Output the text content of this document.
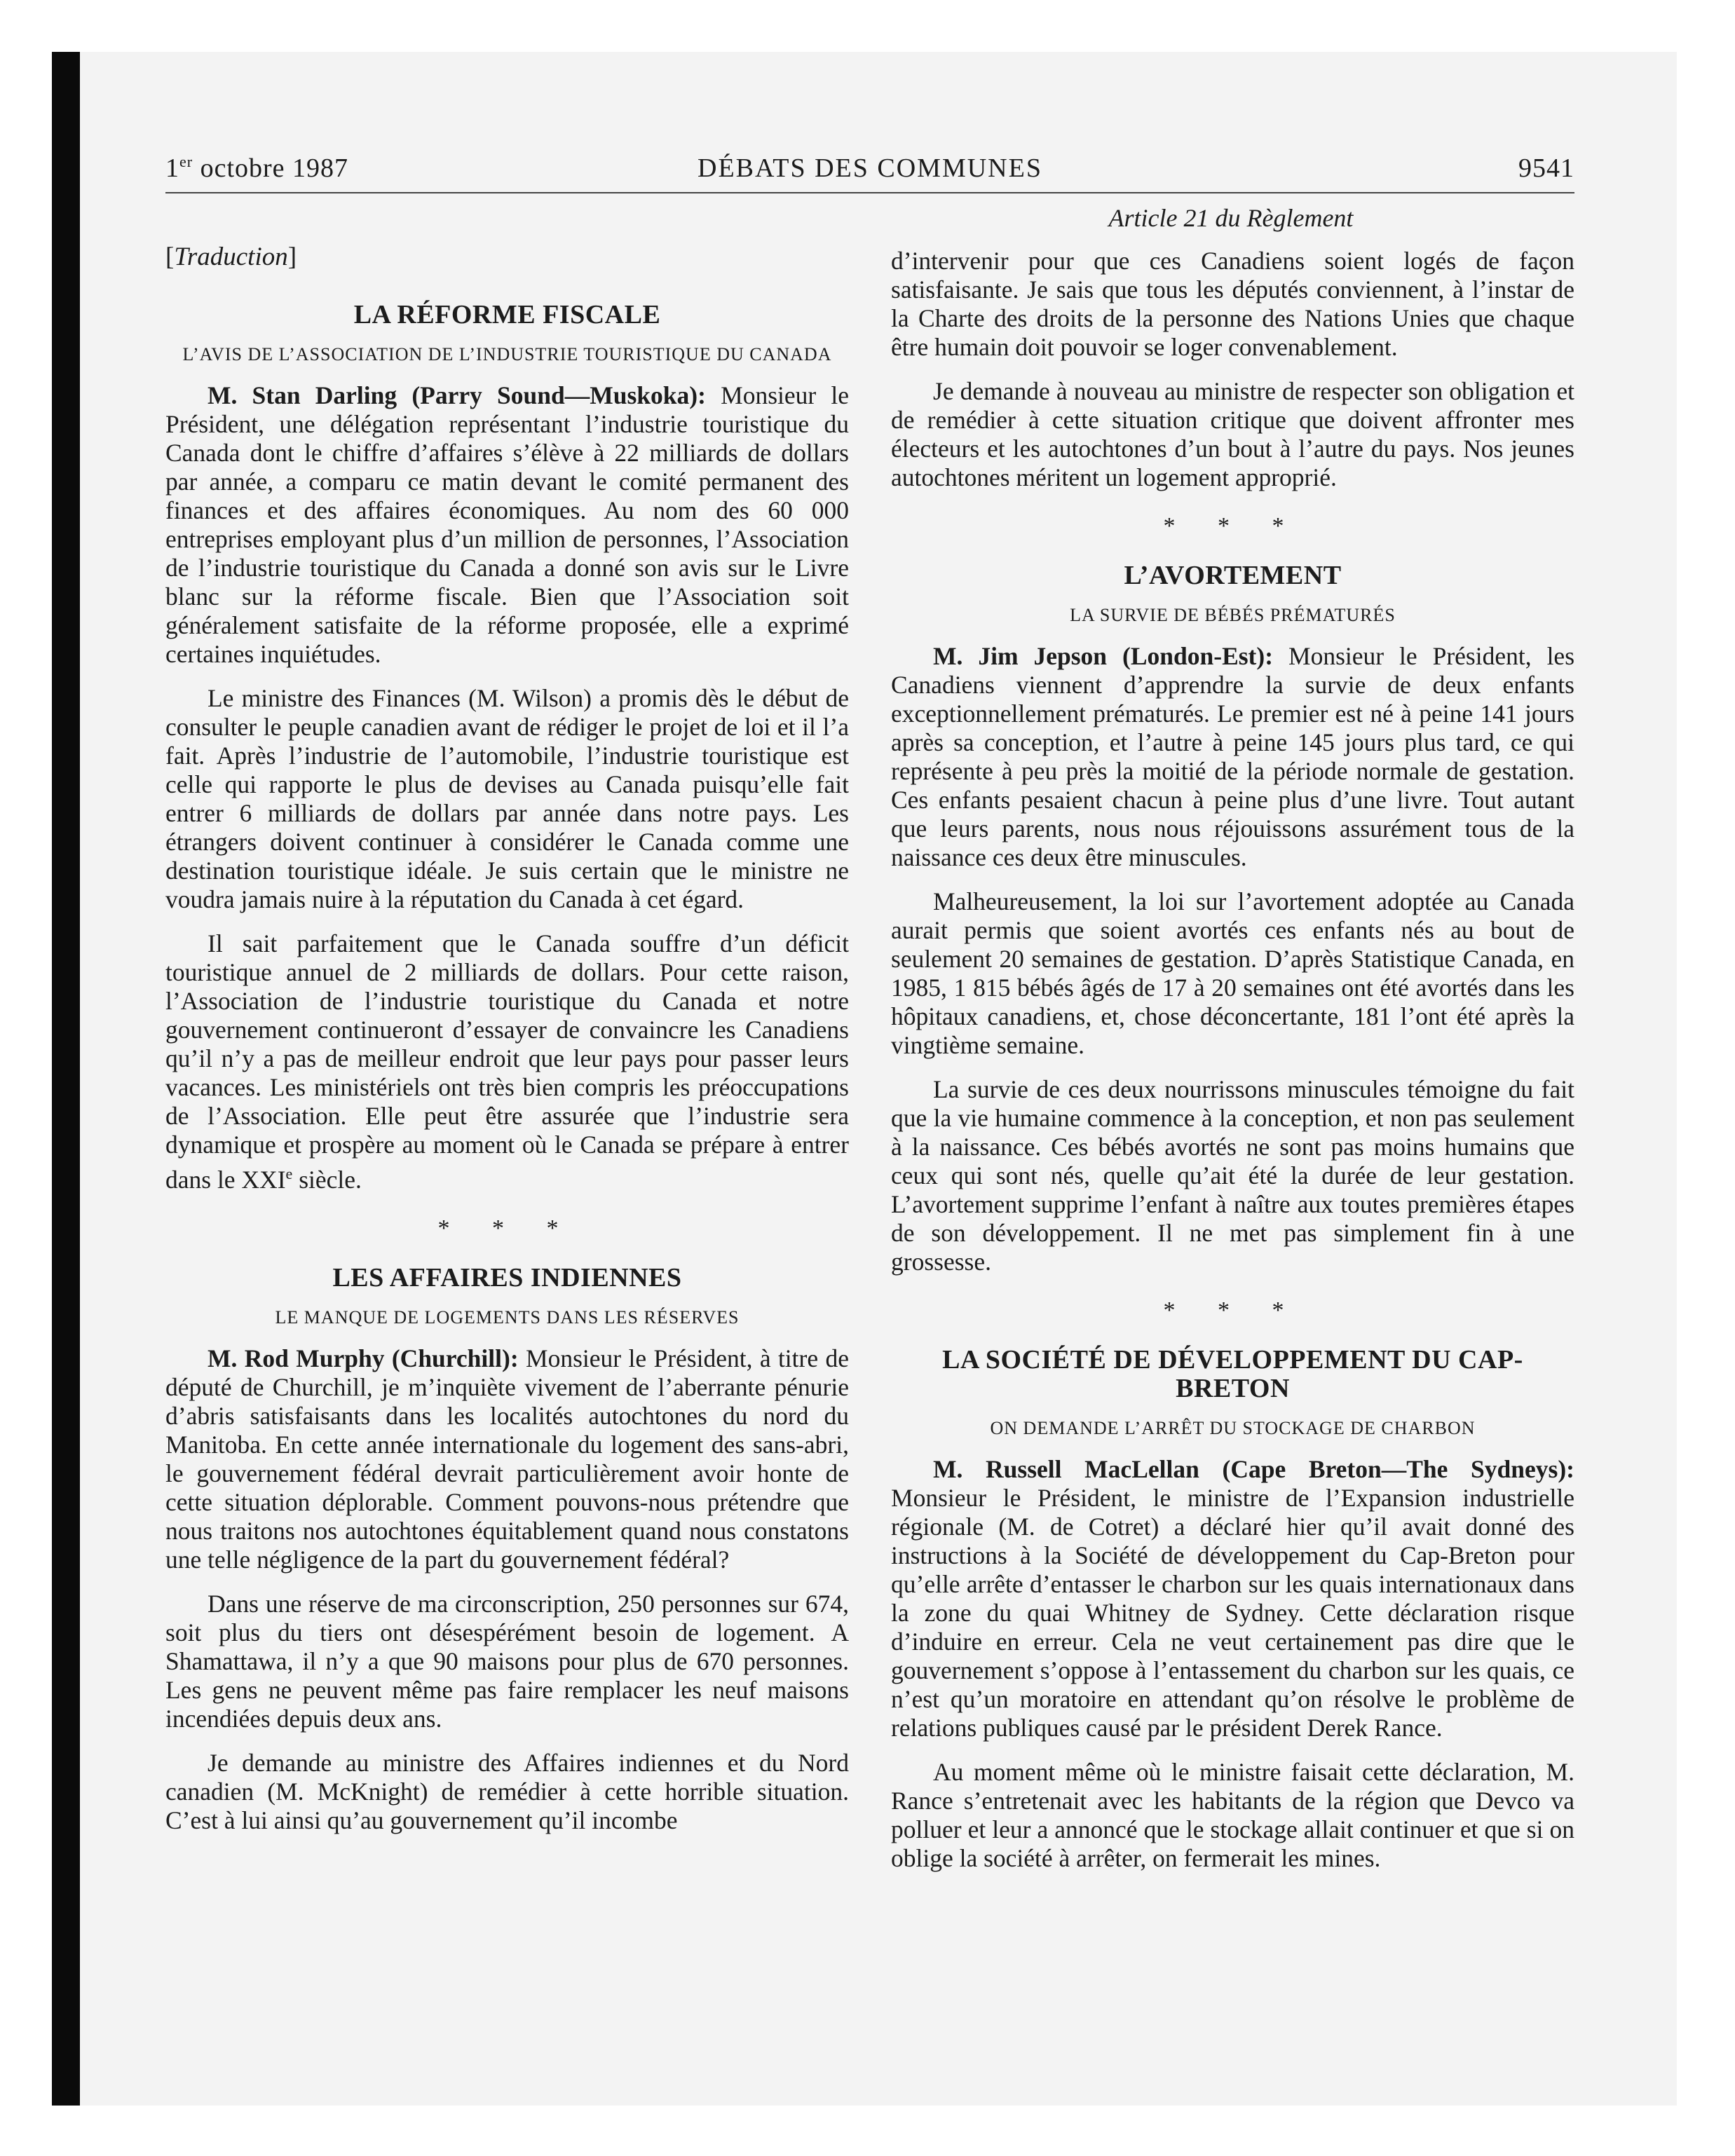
1er octobre 1987	DÉBATS DES COMMUNES	9541
Article 21 du Règlement
[Traduction]
LA RÉFORME FISCALE
L’AVIS DE L’ASSOCIATION DE L’INDUSTRIE TOURISTIQUE DU CANADA

M. Stan Darling (Parry Sound—Muskoka): Monsieur le Président, une délégation représentant l’industrie touristique du Canada dont le chiffre d’affaires s’élève à 22 milliards de dollars par année, a comparu ce matin devant le comité permanent des finances et des affaires économiques. Au nom des 60 000 entreprises employant plus d’un million de personnes, l’Association de l’industrie touristique du Canada a donné son avis sur le Livre blanc sur la réforme fiscale. Bien que l’Association soit généralement satisfaite de la réforme proposée, elle a exprimé certaines inquiétudes.

Le ministre des Finances (M. Wilson) a promis dès le début de consulter le peuple canadien avant de rédiger le projet de loi et il l’a fait. Après l’industrie de l’automobile, l’industrie touristique est celle qui rapporte le plus de devises au Canada puisqu’elle fait entrer 6 milliards de dollars par année dans notre pays. Les étrangers doivent continuer à considérer le Canada comme une destination touristique idéale. Je suis certain que le ministre ne voudra jamais nuire à la réputation du Canada à cet égard.

Il sait parfaitement que le Canada souffre d’un déficit touristique annuel de 2 milliards de dollars. Pour cette raison, l’Association de l’industrie touristique du Canada et notre gouvernement continueront d’essayer de convaincre les Canadiens qu’il n’y a pas de meilleur endroit que leur pays pour passer leurs vacances. Les ministériels ont très bien compris les préoccupations de l’Association. Elle peut être assurée que l’industrie sera dynamique et prospère au moment où le Canada se prépare à entrer dans le XXIe siècle.

* * *
LES AFFAIRES INDIENNES
LE MANQUE DE LOGEMENTS DANS LES RÉSERVES

M. Rod Murphy (Churchill): Monsieur le Président, à titre de député de Churchill, je m’inquiète vivement de l’aberrante pénurie d’abris satisfaisants dans les localités autochtones du nord du Manitoba. En cette année internationale du logement des sans-abri, le gouvernement fédéral devrait particulièrement avoir honte de cette situation déplorable. Comment pouvons-nous prétendre que nous traitons nos autochtones équitablement quand nous constatons une telle négligence de la part du gouvernement fédéral?

Dans une réserve de ma circonscription, 250 personnes sur 674, soit plus du tiers ont désespérément besoin de logement. A Shamattawa, il n’y a que 90 maisons pour plus de 670 personnes. Les gens ne peuvent même pas faire remplacer les neuf maisons incendiées depuis deux ans.

Je demande au ministre des Affaires indiennes et du Nord canadien (M. McKnight) de remédier à cette horrible situation. C’est à lui ainsi qu’au gouvernement qu’il incombe

d’intervenir pour que ces Canadiens soient logés de façon satisfaisante. Je sais que tous les députés conviennent, à l’instar de la Charte des droits de la personne des Nations Unies que chaque être humain doit pouvoir se loger convenablement.

Je demande à nouveau au ministre de respecter son obligation et de remédier à cette situation critique que doivent affronter mes électeurs et les autochtones d’un bout à l’autre du pays. Nos jeunes autochtones méritent un logement approprié.

* * *
L’AVORTEMENT
LA SURVIE DE BÉBÉS PRÉMATURÉS

M. Jim Jepson (London-Est): Monsieur le Président, les Canadiens viennent d’apprendre la survie de deux enfants exceptionnellement prématurés. Le premier est né à peine 141 jours après sa conception, et l’autre à peine 145 jours plus tard, ce qui représente à peu près la moitié de la période normale de gestation. Ces enfants pesaient chacun à peine plus d’une livre. Tout autant que leurs parents, nous nous réjouissons assurément tous de la naissance ces deux être minuscules.

Malheureusement, la loi sur l’avortement adoptée au Canada aurait permis que soient avortés ces enfants nés au bout de seulement 20 semaines de gestation. D’après Statistique Canada, en 1985, 1 815 bébés âgés de 17 à 20 semaines ont été avortés dans les hôpitaux canadiens, et, chose déconcertante, 181 l’ont été après la vingtième semaine.

La survie de ces deux nourrissons minuscules témoigne du fait que la vie humaine commence à la conception, et non pas seulement à la naissance. Ces bébés avortés ne sont pas moins humains que ceux qui sont nés, quelle qu’ait été la durée de leur gestation. L’avortement supprime l’enfant à naître aux toutes premières étapes de son développement. Il ne met pas simplement fin à une grossesse.

* * *
LA SOCIÉTÉ DE DÉVELOPPEMENT DU CAP-BRETON
ON DEMANDE L’ARRÊT DU STOCKAGE DE CHARBON

M. Russell MacLellan (Cape Breton—The Sydneys): Monsieur le Président, le ministre de l’Expansion industrielle régionale (M. de Cotret) a déclaré hier qu’il avait donné des instructions à la Société de développement du Cap-Breton pour qu’elle arrête d’entasser le charbon sur les quais internationaux dans la zone du quai Whitney de Sydney. Cette déclaration risque d’induire en erreur. Cela ne veut certainement pas dire que le gouvernement s’oppose à l’entassement du charbon sur les quais, ce n’est qu’un moratoire en attendant qu’on résolve le problème de relations publiques causé par le président Derek Rance.

Au moment même où le ministre faisait cette déclaration, M. Rance s’entretenait avec les habitants de la région que Devco va polluer et leur a annoncé que le stockage allait continuer et que si on oblige la société à arrêter, on fermerait les mines.
